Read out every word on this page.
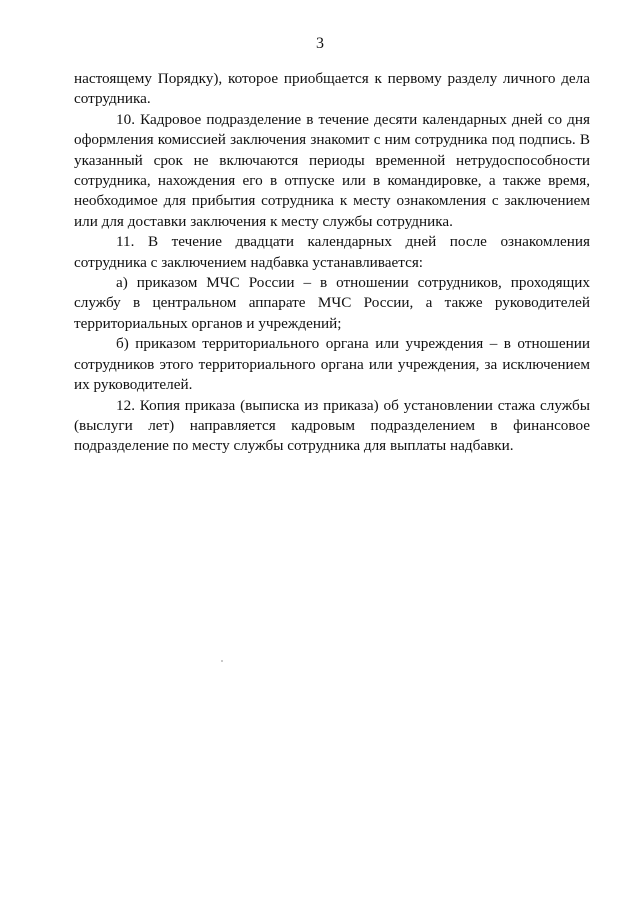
3

настоящему Порядку), которое приобщается к первому разделу личного дела сотрудника.

10. Кадровое подразделение в течение десяти календарных дней со дня оформления комиссией заключения знакомит с ним сотрудника под подпись. В указанный срок не включаются периоды временной нетрудоспособности сотрудника, нахождения его в отпуске или в командировке, а также время, необходимое для прибытия сотрудника к месту ознакомления с заключением или для доставки заключения к месту службы сотрудника.

11. В течение двадцати календарных дней после ознакомления сотрудника с заключением надбавка устанавливается:

а) приказом МЧС России – в отношении сотрудников, проходящих службу в центральном аппарате МЧС России, а также руководителей территориальных органов и учреждений;

б) приказом территориального органа или учреждения – в отношении сотрудников этого территориального органа или учреждения, за исключением их руководителей.

12. Копия приказа (выписка из приказа) об установлении стажа службы (выслуги лет) направляется кадровым подразделением в финансовое подразделение по месту службы сотрудника для выплаты надбавки.
